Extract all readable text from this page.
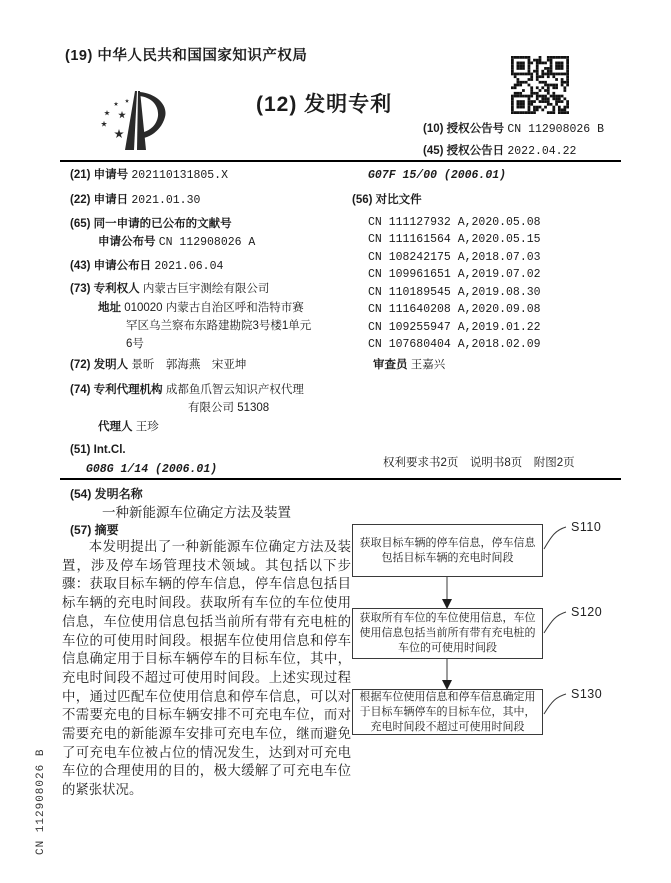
(19) 中华人民共和国国家知识产权局
(12) 发明专利
(10) 授权公告号 CN 112908026 B
(45) 授权公告日 2022.04.22
(21) 申请号 202110131805.X
(22) 申请日 2021.01.30
(65) 同一申请的已公布的文献号
申请公布号 CN 112908026 A
(43) 申请公布日 2021.06.04
(73) 专利权人 内蒙古巨宇测绘有限公司
地址 010020 内蒙古自治区呼和浩特市赛
罕区乌兰察布东路建勘院3号楼1单元
6号
(72) 发明人 景昕　郭海燕　宋亚坤
(74) 专利代理机构 成都鱼爪智云知识产权代理
有限公司 51308
代理人 王珍
(51) Int.Cl.
G08G 1/14 (2006.01)
G07F 15/00 (2006.01)
(56) 对比文件
CN 111127932 A,2020.05.08
CN 111161564 A,2020.05.15
CN 108242175 A,2018.07.03
CN 109961651 A,2019.07.02
CN 110189545 A,2019.08.30
CN 111640208 A,2020.09.08
CN 109255947 A,2019.01.22
CN 107680404 A,2018.02.09
审查员 王嘉兴
权利要求书2页　说明书8页　附图2页
(54) 发明名称
一种新能源车位确定方法及装置
(57) 摘要
本发明提出了一种新能源车位确定方法及装置，涉及停车场管理技术领域。其包括以下步骤：获取目标车辆的停车信息，停车信息包括目标车辆的充电时间段。获取所有车位的车位使用信息，车位使用信息包括当前所有带有充电桩的车位的可使用时间段。根据车位使用信息和停车信息确定用于目标车辆停车的目标车位，其中，充电时间段不超过可使用时间段。上述实现过程中，通过匹配车位使用信息和停车信息，可以对不需要充电的目标车辆安排不可充电车位，而对需要充电的新能源车安排可充电车位，继而避免了可充电车位被占位的情况发生，达到对可充电车位的合理使用的目的，极大缓解了可充电车位的紧张状况。
获取目标车辆的停车信息，停车信息包括目标车辆的充电时间段
S110
获取所有车位的车位使用信息，车位使用信息包括当前所有带有充电桩的车位的可使用时间段
S120
根据车位使用信息和停车信息确定用于目标车辆停车的目标车位，其中，充电时间段不超过可使用时间段
S130
CN 112908026 B
